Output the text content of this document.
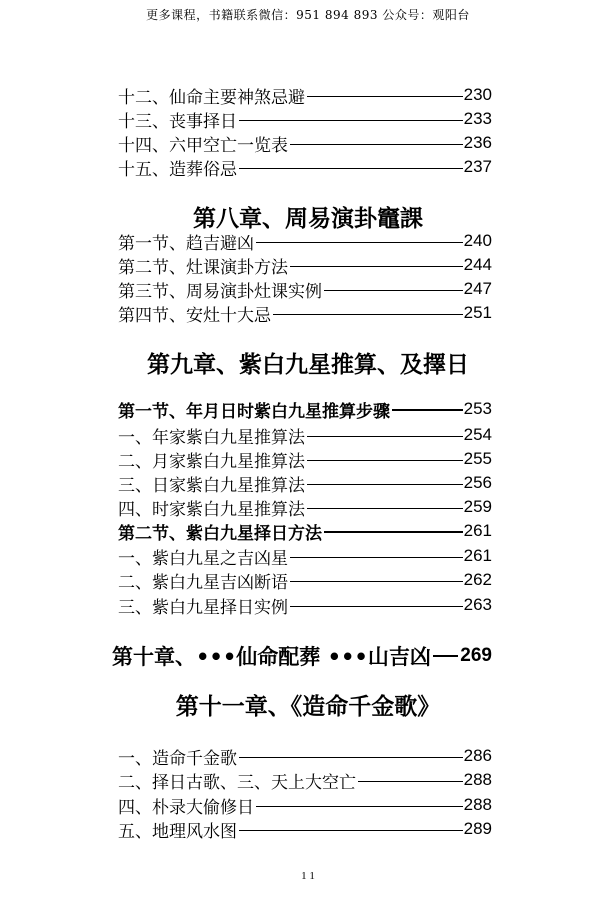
更多课程，书籍联系微信：951 894 893 公众号：观阳台
十二、仙命主要神煞忌避	230
十三、丧事择日	233
十四、六甲空亡一览表	236
十五、造葬俗忌	237
第八章、周易演卦竈課
第一节、趋吉避凶	240
第二节、灶课演卦方法	244
第三节、周易演卦灶课实例	247
第四节、安灶十大忌	251
第九章、紫白九星推算、及擇日
第一节、年月日时紫白九星推算步骤	253
一、年家紫白九星推算法	254
二、月家紫白九星推算法	255
三、日家紫白九星推算法	256
四、时家紫白九星推算法	259
第二节、紫白九星择日方法	261
一、紫白九星之吉凶星	261
二、紫白九星吉凶断语	262
三、紫白九星择日实例	263
第十章、•••仙命配葬 •••山吉凶 269
第十一章、《造命千金歌》
一、造命千金歌	286
二、择日古歌、三、天上大空亡	288
四、朴录大偷修日	288
五、地理风水图	289
1 1
